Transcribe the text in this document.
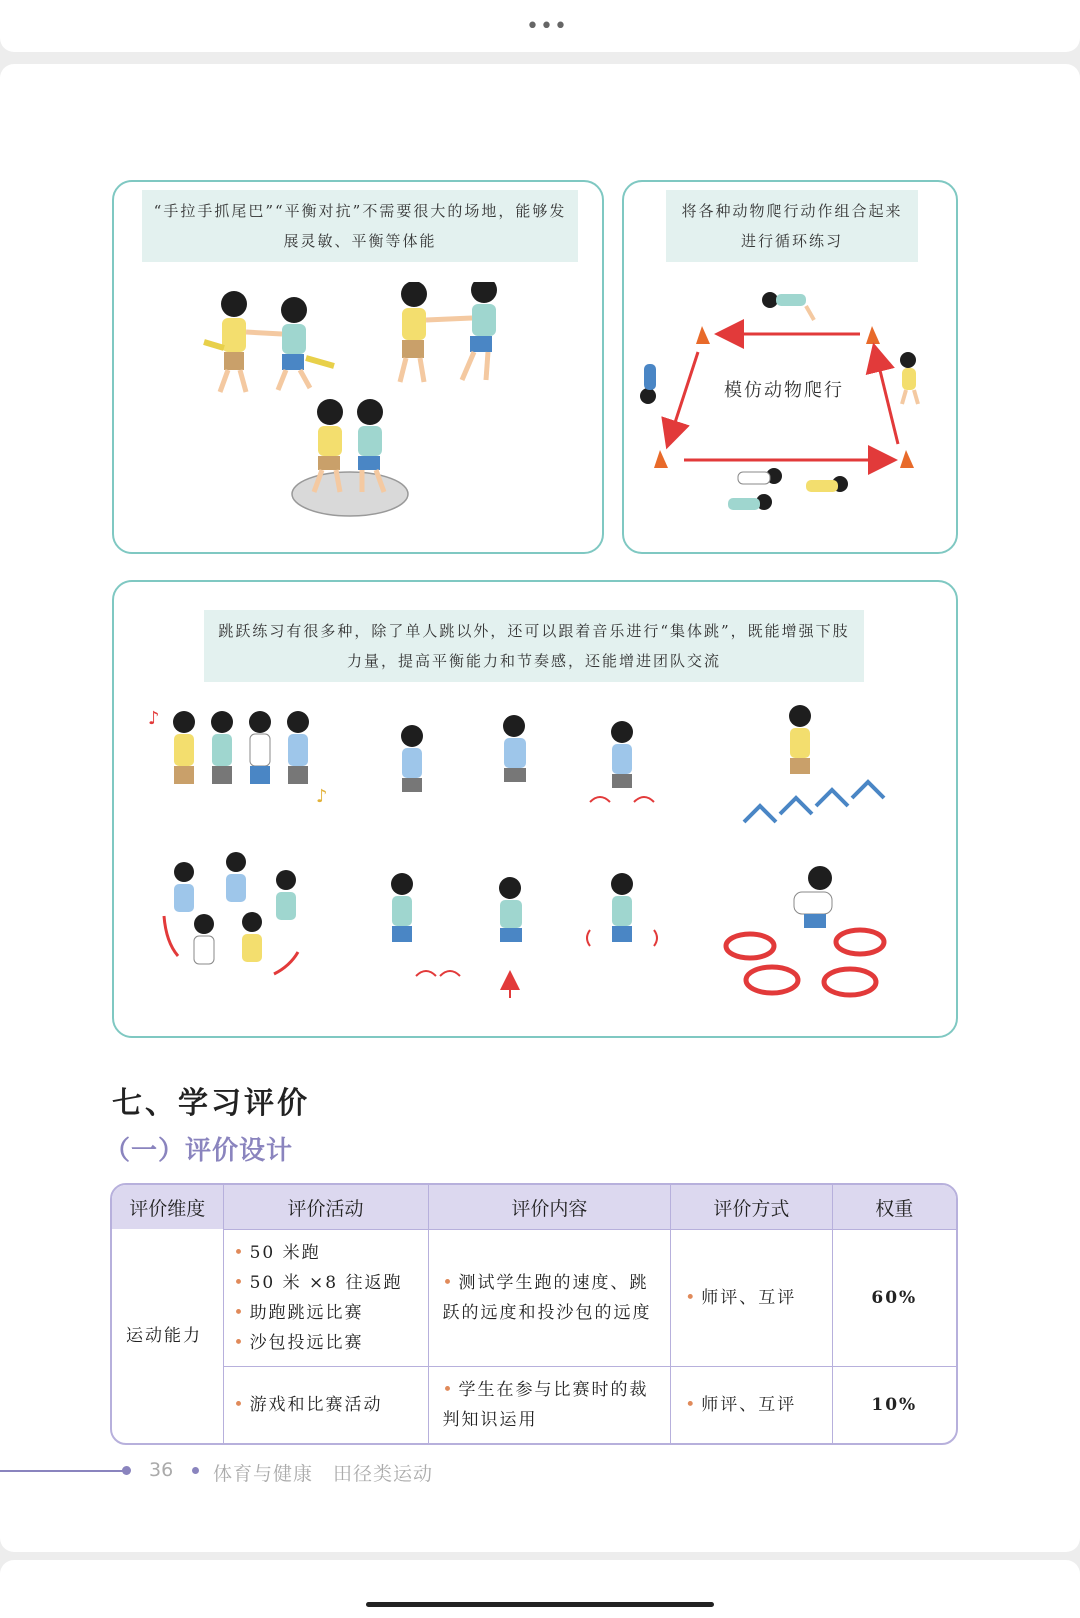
•••
“手拉手抓尾巴”“平衡对抗”不需要很大的场地，能够发展灵敏、平衡等体能
将各种动物爬行动作组合起来进行循环练习
模仿动物爬行
跳跃练习有很多种，除了单人跳以外，还可以跟着音乐进行“集体跳”，既能增强下肢力量，提高平衡能力和节奏感，还能增进团队交流
♪
♪
七、学习评价
（一）评价设计
评价维度	评价活动	评价内容	评价方式	权重
运动能力	• 50 米跑
• 50 米 ×8 往返跑
• 助跑跳远比赛
• 沙包投远比赛	• 测试学生跑的速度、跳跃的远度和投沙包的远度	• 师评、互评	60%

	• 游戏和比赛活动	• 学生在参与比赛时的裁判知识运用	• 师评、互评	10%
36 体育与健康　田径类运动
